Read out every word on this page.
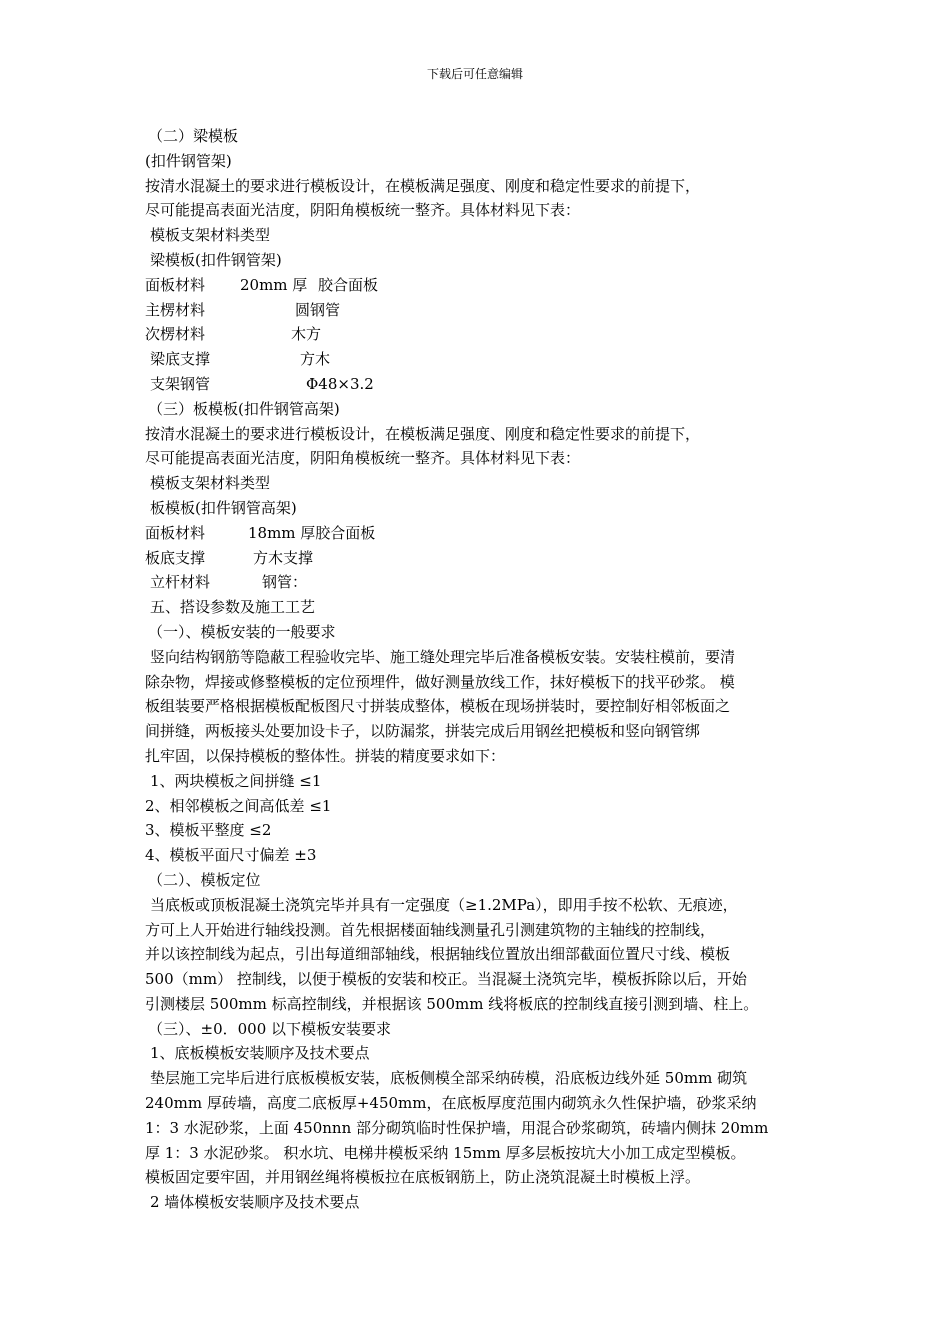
下载后可任意编辑
（二）梁模板
(扣件钢管架)
按清水混凝土的要求进行模板设计，在模板满足强度、刚度和稳定性要求的前提下，
尽可能提高表面光洁度，阴阳角模板统一整齐。具体材料见下表：
模板支架材料类型
梁模板(扣件钢管架)
面板材料 20mm 厚 胶合面板
主楞材料	圆钢管
次楞材料	木方
梁底支撑	方木
支架钢管	Φ48×3.2
（三）板模板(扣件钢管高架)
按清水混凝土的要求进行模板设计，在模板满足强度、刚度和稳定性要求的前提下，
尽可能提高表面光洁度，阴阳角模板统一整齐。具体材料见下表：
模板支架材料类型
板模板(扣件钢管高架)
面板材料	18mm 厚胶合面板
板底支撑	方木支撑
立杆材料	钢管：
五、搭设参数及施工工艺
（一）、模板安装的一般要求
竖向结构钢筋等隐蔽工程验收完毕、施工缝处理完毕后准备模板安装。安装柱模前，要清
除杂物，焊接或修整模板的定位预埋件，做好测量放线工作，抹好模板下的找平砂浆。 模
板组装要严格根据模板配板图尺寸拼装成整体，模板在现场拼装时，要控制好相邻板面之
间拼缝，两板接头处要加设卡子，以防漏浆，拼装完成后用钢丝把模板和竖向钢管绑
扎牢固，以保持模板的整体性。拼装的精度要求如下：
1、两块模板之间拼缝 ≤1
2、相邻模板之间高低差 ≤1
3、模板平整度 ≤2
4、模板平面尺寸偏差 ±3
（二）、模板定位
当底板或顶板混凝土浇筑完毕并具有一定强度（≥1.2MPa），即用手按不松软、无痕迹，
方可上人开始进行轴线投测。首先根据楼面轴线测量孔引测建筑物的主轴线的控制线，
并以该控制线为起点，引出每道细部轴线，根据轴线位置放出细部截面位置尺寸线、模板
500（mm） 控制线，以便于模板的安装和校正。当混凝土浇筑完毕，模板拆除以后，开始
引测楼层 500mm 标高控制线，并根据该 500mm 线将板底的控制线直接引测到墙、柱上。
（三）、±0．000 以下模板安装要求
1、底板模板安装顺序及技术要点
垫层施工完毕后进行底板模板安装，底板侧模全部采纳砖模，沿底板边线外延 50mm 砌筑
240mm 厚砖墙，高度二底板厚+450mm，在底板厚度范围内砌筑永久性保护墙，砂浆采纳
1：3 水泥砂浆，上面 450nnn 部分砌筑临时性保护墙，用混合砂浆砌筑，砖墙内侧抹 20mm
厚 1：3 水泥砂浆。 积水坑、电梯井模板采纳 15mm 厚多层板按坑大小加工成定型模板。
模板固定要牢固，并用钢丝绳将模板拉在底板钢筋上，防止浇筑混凝土时模板上浮。
2 墙体模板安装顺序及技术要点
